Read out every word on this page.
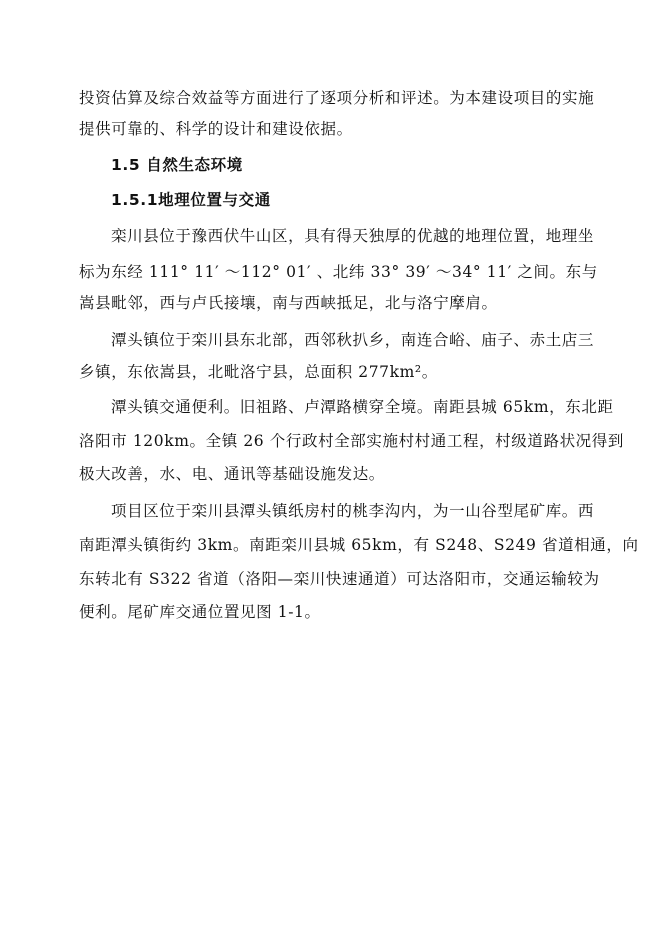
投资估算及综合效益等方面进行了逐项分析和评述。为本建设项目的实施
提供可靠的、科学的设计和建设依据。
1.5 自然生态环境
1.5.1地理位置与交通
栾川县位于豫西伏牛山区，具有得天独厚的优越的地理位置，地理坐
标为东经 111° 11′ ～112° 01′ 、北纬 33° 39′ ～34° 11′ 之间。东与
嵩县毗邻，西与卢氏接壤，南与西峡抵足，北与洛宁摩肩。
潭头镇位于栾川县东北部，西邻秋扒乡，南连合峪、庙子、赤土店三
乡镇，东依嵩县，北毗洛宁县，总面积 277km²。
潭头镇交通便利。旧祖路、卢潭路横穿全境。南距县城 65km，东北距
洛阳市 120km。全镇 26 个行政村全部实施村村通工程，村级道路状况得到
极大改善，水、电、通讯等基础设施发达。
项目区位于栾川县潭头镇纸房村的桃李沟内，为一山谷型尾矿库。西
南距潭头镇街约 3km。南距栾川县城 65km，有 S248、S249 省道相通，向
东转北有 S322 省道（洛阳—栾川快速通道）可达洛阳市，交通运输较为
便利。尾矿库交通位置见图 1-1。
